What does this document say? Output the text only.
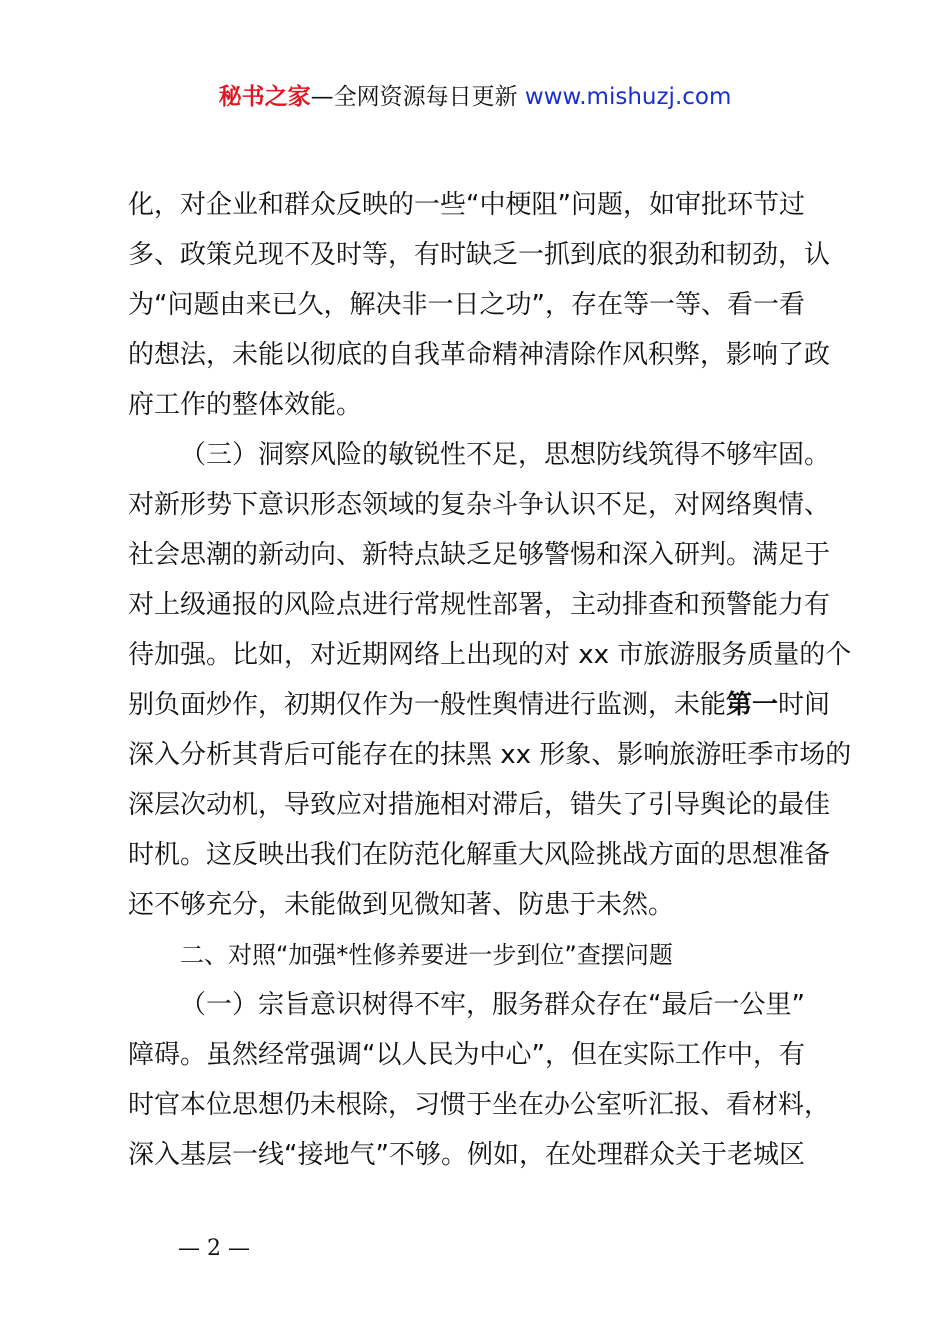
秘书之家—全网资源每日更新 www.mishuzj.com
化，对企业和群众反映的一些“中梗阻”问题，如审批环节过
多、政策兑现不及时等，有时缺乏一抓到底的狠劲和韧劲，认
为“问题由来已久，解决非一日之功”，存在等一等、看一看
的想法，未能以彻底的自我革命精神清除作风积弊，影响了政
府工作的整体效能。
（三）洞察风险的敏锐性不足，思想防线筑得不够牢固。
对新形势下意识形态领域的复杂斗争认识不足，对网络舆情、
社会思潮的新动向、新特点缺乏足够警惕和深入研判。满足于
对上级通报的风险点进行常规性部署，主动排查和预警能力有
待加强。比如，对近期网络上出现的对 xx 市旅游服务质量的个
别负面炒作，初期仅作为一般性舆情进行监测，未能第一时间
深入分析其背后可能存在的抹黑 xx 形象、影响旅游旺季市场的
深层次动机，导致应对措施相对滞后，错失了引导舆论的最佳
时机。这反映出我们在防范化解重大风险挑战方面的思想准备
还不够充分，未能做到见微知著、防患于未然。
二、对照“加强*性修养要进一步到位”查摆问题
（一）宗旨意识树得不牢，服务群众存在“最后一公里”
障碍。虽然经常强调“以人民为中心”，但在实际工作中，有
时官本位思想仍未根除，习惯于坐在办公室听汇报、看材料，
深入基层一线“接地气”不够。例如，在处理群众关于老城区
— 2 —
